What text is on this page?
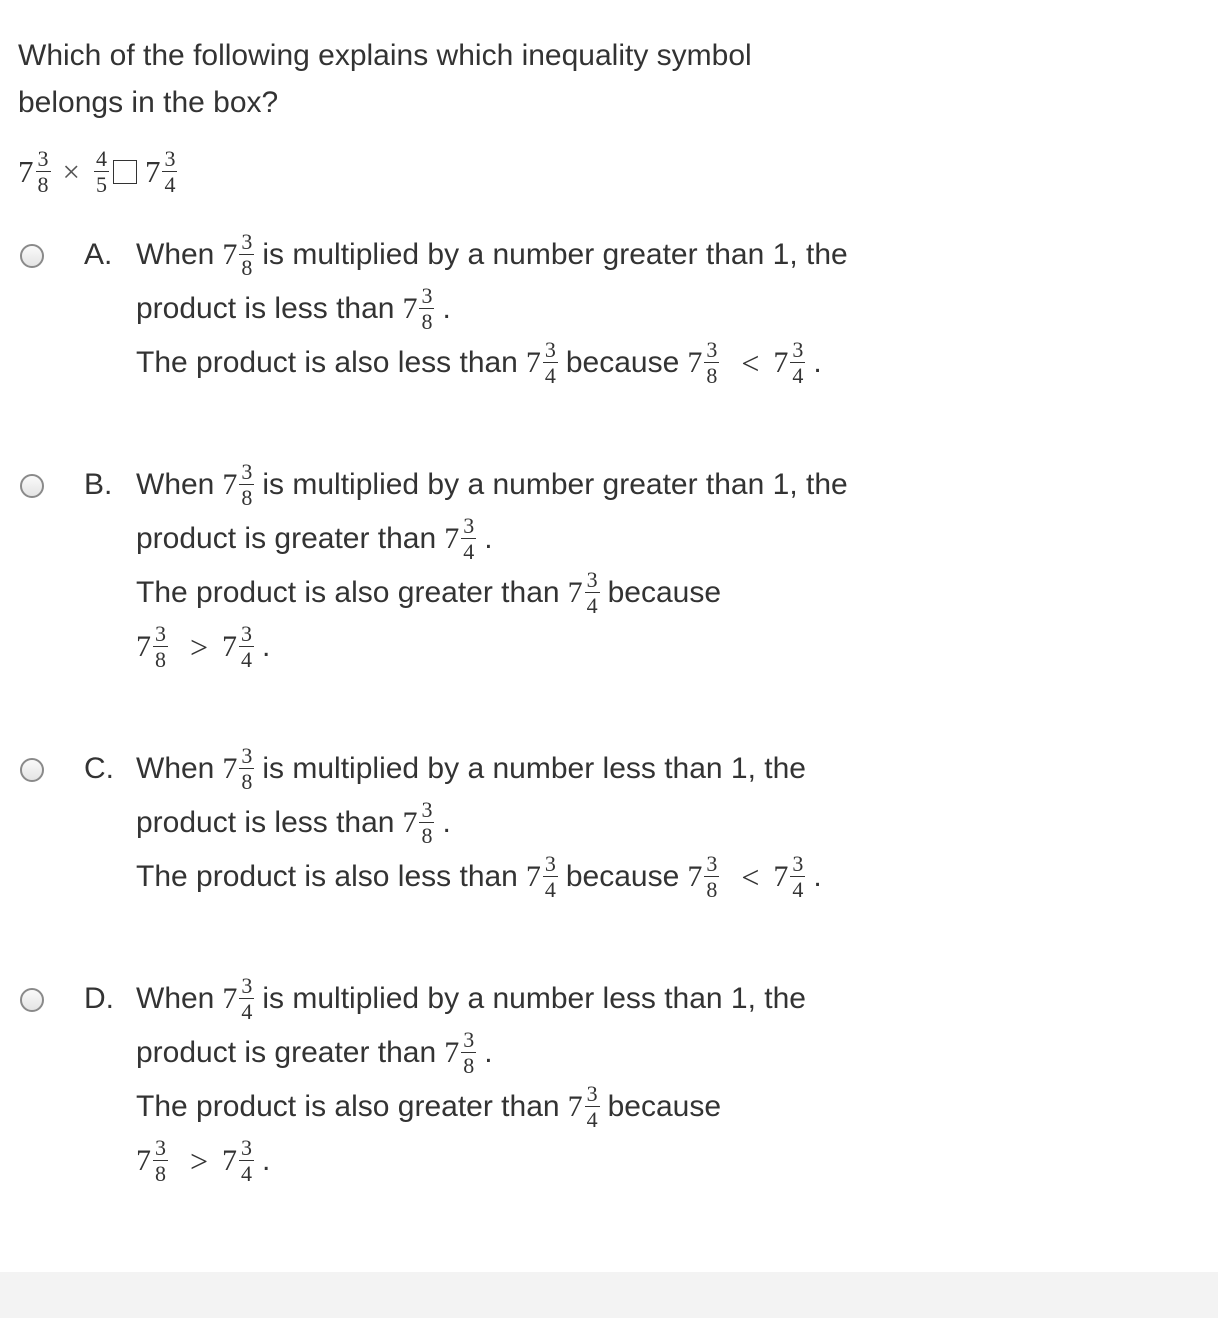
Which of the following explains which inequality symbol belongs in the box?
$7 \frac{3}{8} \times \frac{4}{5} 7 \frac{3}{4}$
A. When $7 \frac{3}{8}$ is multiplied by a number greater than 1, the
product is less than $7 \frac{3}{8}$ .
The product is also less than $7 \frac{3}{4}$ because $7 \frac{3}{8} < 7 \frac{3}{4}$ .
B. When $7 \frac{3}{8}$ is multiplied by a number greater than 1, the
product is greater than $7 \frac{3}{4}$ .
The product is also greater than $7 \frac{3}{4}$ because
$7 \frac{3}{8} > 7 \frac{3}{4}$ .
C. When $7 \frac{3}{8}$ is multiplied by a number less than 1, the
product is less than $7 \frac{3}{8}$ .
The product is also less than $7 \frac{3}{4}$ because $7 \frac{3}{8} < 7 \frac{3}{4}$ .
D. When $7 \frac{3}{4}$ is multiplied by a number less than 1, the
product is greater than $7 \frac{3}{8}$ .
The product is also greater than $7 \frac{3}{4}$ because
$7 \frac{3}{8} > 7 \frac{3}{4}$ .
